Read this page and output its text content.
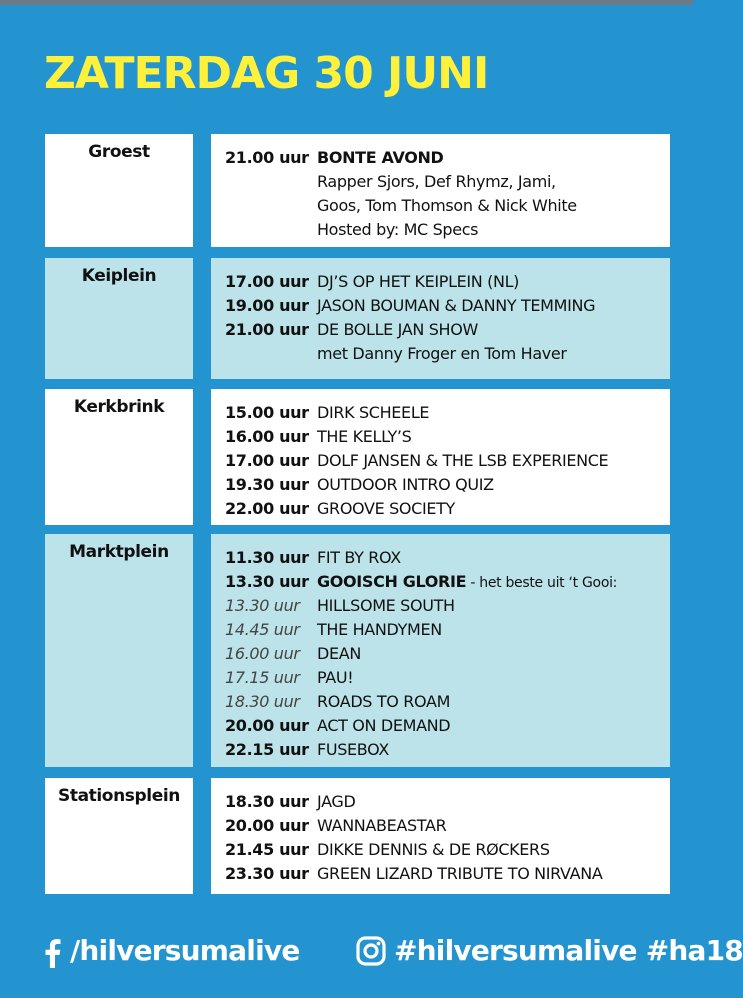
ZATERDAG 30 JUNI
Groest	21.00 uur BONTE AVOND
Rapper Sjors, Def Rhymz, Jami,
Goos, Tom Thomson & Nick White
Hosted by: MC Specs
Keiplein	17.00 uur DJ’S OP HET KEIPLEIN (NL)
19.00 uur JASON BOUMAN & DANNY TEMMING
21.00 uur DE BOLLE JAN SHOW
met Danny Froger en Tom Haver
Kerkbrink	15.00 uur DIRK SCHEELE
16.00 uur THE KELLY’S
17.00 uur DOLF JANSEN & THE LSB EXPERIENCE
19.30 uur OUTDOOR INTRO QUIZ
22.00 uur GROOVE SOCIETY
Marktplein	11.30 uur FIT BY ROX
13.30 uur GOOISCH GLORIE - het beste uit ‘t Gooi:
13.30 uur	HILLSOME SOUTH
14.45 uur	THE HANDYMEN
16.00 uur	DEAN
17.15 uur	PAU!
18.30 uur	ROADS TO ROAM
20.00 uur ACT ON DEMAND
22.15 uur FUSEBOX
Stationsplein	18.30 uur JAGD
20.00 uur WANNABEASTAR
21.45 uur DIKKE DENNIS & DE RØCKERS
23.30 uur GREEN LIZARD TRIBUTE TO NIRVANA
/hilversumalive	#hilversumalive #ha18
